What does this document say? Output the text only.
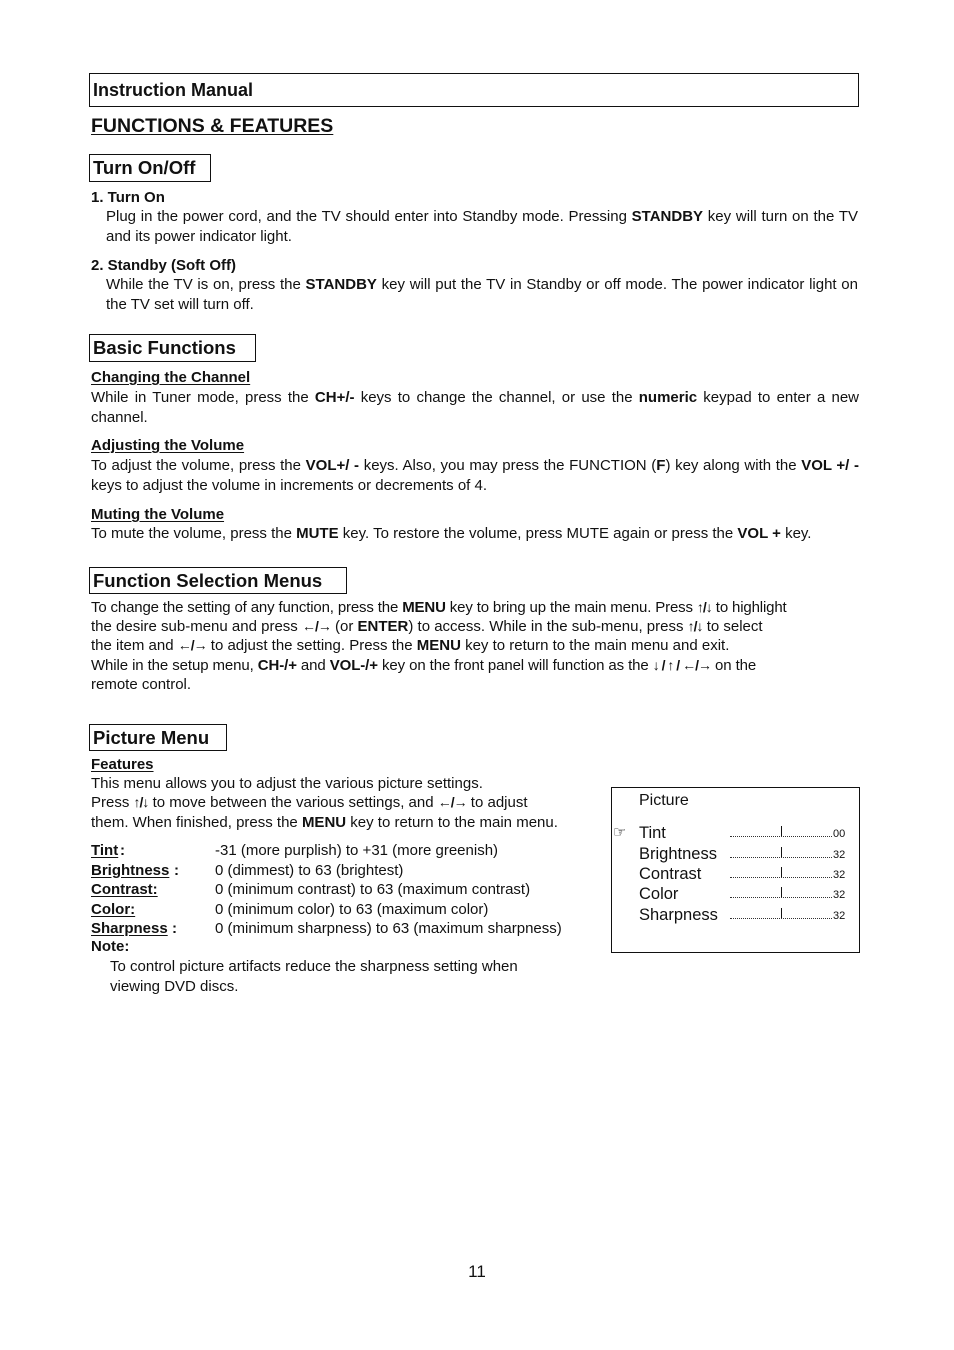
Instruction Manual
FUNCTIONS & FEATURES
Turn On/Off
1. Turn On
Plug in the power cord, and the TV should enter into Standby mode. Pressing STANDBY key will turn on the TV and its power indicator light.
2. Standby (Soft Off)
While the TV is on, press the STANDBY key will put the TV in Standby or off mode. The power indicator light on the TV set will turn off.
Basic Functions
Changing the Channel
While in Tuner mode, press the CH+/- keys to change the channel, or use the numeric keypad to enter a new channel.
Adjusting the Volume
To adjust the volume, press the VOL+/ - keys. Also, you may press the FUNCTION (F) key along with the VOL +/ - keys to adjust the volume in increments or decrements of 4.
Muting the Volume
To mute the volume, press the MUTE key. To restore the volume, press MUTE again or press the VOL + key.
Function Selection Menus
To change the setting of any function, press the MENU key to bring up the main menu. Press ↑/↓ to highlight
the desire sub-menu and press ←/→ (or ENTER) to access. While in the sub-menu, press ↑/↓ to select
the item and ←/→ to adjust the setting. Press the MENU key to return to the main menu and exit.
While in the setup menu, CH-/+ and VOL-/+ key on the front panel will function as the ↓ / ↑ / ←/→ on the
remote control.
Picture Menu
Features
This menu allows you to adjust the various picture settings.
Press ↑/↓ to move between the various settings, and ←/→ to adjust
them. When finished, press the MENU key to return to the main menu.
Tint :	-31 (more purplish) to +31 (more greenish)
Brightness : 0 (dimmest) to 63 (brightest)
Contrast:	0 (minimum contrast) to 63 (maximum contrast)
Color:	0 (minimum color) to 63 (maximum color)
Sharpness :	0 (minimum sharpness) to 63 (maximum sharpness)
Note:
To control picture artifacts reduce the sharpness setting when viewing DVD discs.
Picture
☞ Tint	00
Brightness	32
Contrast	32
Color	32
Sharpness	32
11
